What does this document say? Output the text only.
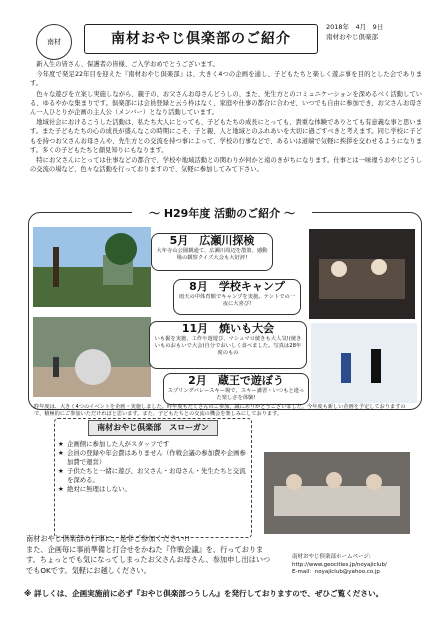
南材	南材おやじ倶楽部のご紹介
2018年　4月　9日
南材おやじ倶楽部

新入生の皆さん、保護者の皆様、ご入学おめでとうございます。

今年度で発足22年目を迎えた『南材おやじ倶楽部』は、大きく4つの企画を通し、子どもたちと楽しく遊ぶ事を目的とした会であります。

色々な遊びを立案し実施しながら、親子の、お父さんお母さんどうしの、また、先生方とのコミュニケーションを深めるべく活動している、ゆるやかな集まりです。倶楽部には会員登録と云う枠はなく、家庭や仕事の都合に合わせ、いつでも自由に参加でき、お父さんお母さん一人ひとりが企画の主人公（メンバー）となり活動しています。

地域社会におけるこうした活動は、私たち大人にとっても、子どもたちの成長にとっても、貴重な体験でありとても有意義な事と思います。また子どもたちの心の成長が盛んなこの時期にこそ、子と親、人と地域とのふれあいを大切に過ごすべきと考えます。同じ学校に子どもを持つお父さんお母さんや、先生方との交流を持つ事によって、学校の行事などで、あるいは道端で気軽に挨拶を交わせるようになります。多くの子どもたちと顔見知りにもなります。

特にお父さんにとっては仕事などの都合で、学校や地域活動との関わりが何かと遠のきがちになります。仕事とは一味違うおやじどうしの交流の場など、色々な活動を行っておりますので、気軽に参加してみて下さい。

5月　広瀬川探検
大年寺山公園観通て、広瀬川周辺を散策、感動場の観察クイズ大会も大好評!
8月　学校キャンプ
雨天の中体育館でキャンプを実施。テントでの一夜に大喜び!
11月　焼いも大会
いも掘を実施、工作や遊遊び、マシュマロ焼きも大人気!(焼きいものおもいで大会)自分でおいしく食べました。写真は28年度のもの
2月　蔵王で遊ぼう
スプリングバレースキー場で、スキー講習・いつもと違った楽しさを体験!
〜 H29年度 活動のご紹介 〜
昨年度は、大きく4つのイベントを企画・実施しました。昨年度もたくさんのご参加、誠にありがとうございました。今年度も新しい企画を予定しておりますので、積極的にご参加いただければと思います。また、子どもたちとの交流の機会を楽しみにしております。
南材おやじ倶楽部　スローガン
★ 企画側に参加した人がスタッフです
★ 会員の登録や年会費はありません（作戦会議の参加費や企画参加費で運営）
★ 子供たちと一緒に遊び、お父さん・お母さん・先生たちと交流を深める。
★ 絶対に無理はしない。
南材おやじ倶楽部の行事に、是非ご参加ください!!
また、企画毎に事前準備と打合せをかねた『作戦会議』を、行っております。ちょっとでも気になってしまったお父さんお母さん、参加申し出はいつでもOKです。気軽にお越しください。
南材おやじ倶楽部ホームページ:
http://www.geocities.jp/noyajiclub/
E-mail：noyajiclub@yahoo.co.jp
※ 詳しくは、企画実施前に必ず『おやじ倶楽部つうしん』を発行しておりますので、ぜひご覧ください。
